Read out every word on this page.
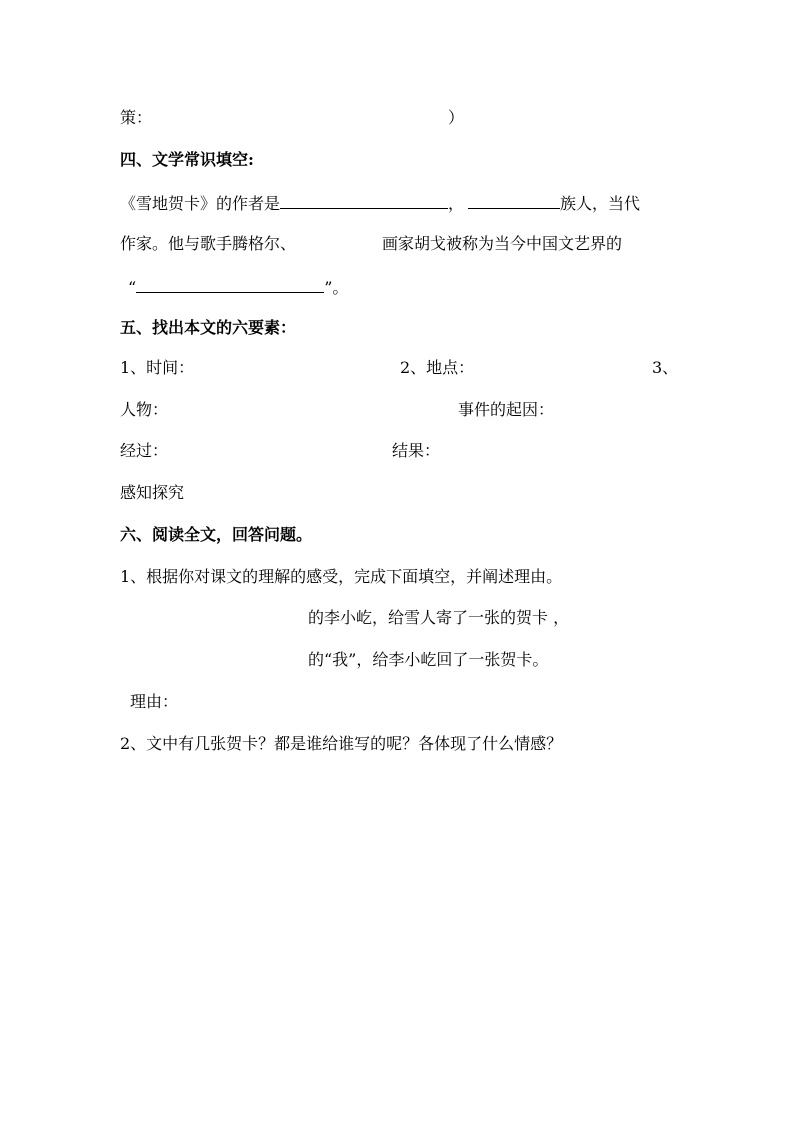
策：	）
四、文学常识填空:
《雪地贺卡》的作者是	，	族人，当代
作家。他与歌手腾格尔、	画家胡戈被称为当今中国文艺界的
“	”。
五、找出本文的六要素：
1、时间：	2、地点：	3、
人物：	事件的起因：
经过：	结果：
感知探究
六、阅读全文，回答问题。
1、根据你对课文的理解的感受，完成下面填空，并阐述理由。
的李小屹，给雪人寄了一张的贺卡 ，
的“我”，给李小屹回了一张贺卡。
理由：
2、文中有几张贺卡？都是谁给谁写的呢？各体现了什么情感？
